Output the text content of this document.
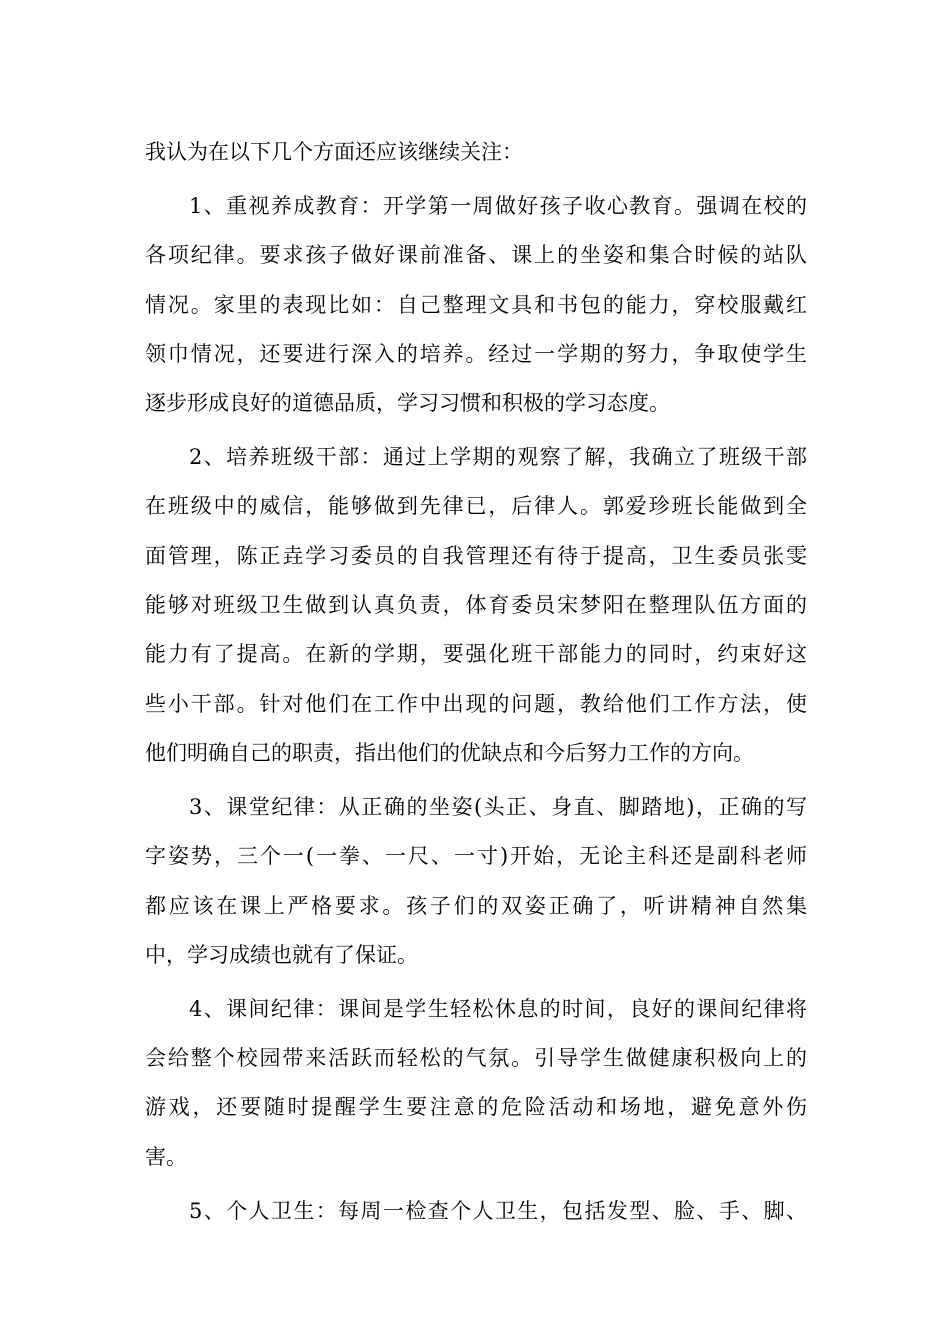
我认为在以下几个方面还应该继续关注：

1、重视养成教育：开学第一周做好孩子收心教育。强调在校的
各项纪律。要求孩子做好课前准备、课上的坐姿和集合时候的站队
情况。家里的表现比如：自己整理文具和书包的能力，穿校服戴红
领巾情况，还要进行深入的培养。经过一学期的努力，争取使学生
逐步形成良好的道德品质，学习习惯和积极的学习态度。

2、培养班级干部：通过上学期的观察了解，我确立了班级干部
在班级中的威信，能够做到先律已，后律人。郭爱珍班长能做到全
面管理，陈正垚学习委员的自我管理还有待于提高，卫生委员张雯
能够对班级卫生做到认真负责，体育委员宋梦阳在整理队伍方面的
能力有了提高。在新的学期，要强化班干部能力的同时，约束好这
些小干部。针对他们在工作中出现的问题，教给他们工作方法，使
他们明确自己的职责，指出他们的优缺点和今后努力工作的方向。

3、课堂纪律：从正确的坐姿(头正、身直、脚踏地)，正确的写
字姿势，三个一(一拳、一尺、一寸)开始，无论主科还是副科老师
都应该在课上严格要求。孩子们的双姿正确了，听讲精神自然集
中，学习成绩也就有了保证。

4、课间纪律：课间是学生轻松休息的时间，良好的课间纪律将
会给整个校园带来活跃而轻松的气氛。引导学生做健康积极向上的
游戏，还要随时提醒学生要注意的危险活动和场地，避免意外伤
害。

5、个人卫生：每周一检查个人卫生，包括发型、脸、手、脚、
